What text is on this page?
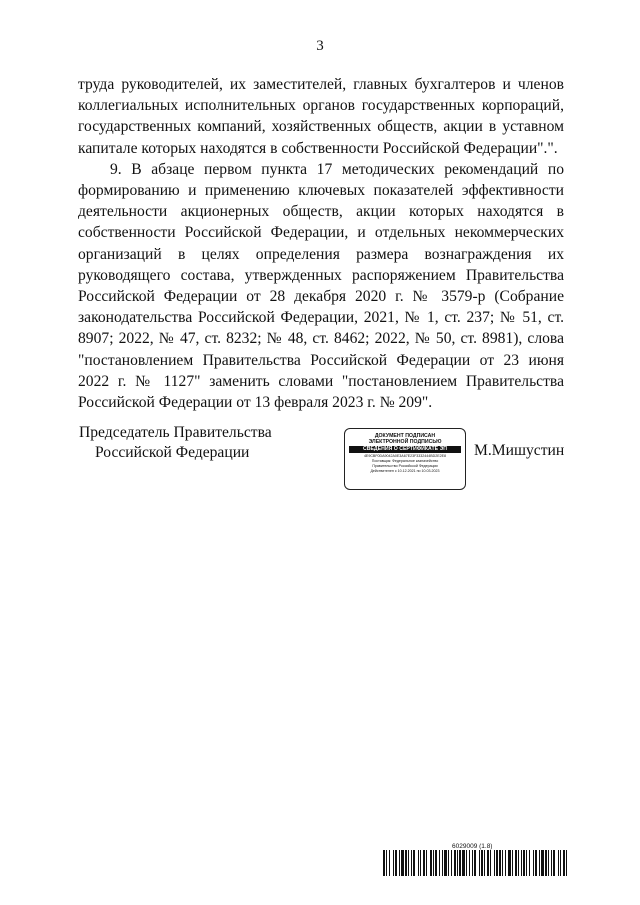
3

труда руководителей, их заместителей, главных бухгалтеров и членов коллегиальных исполнительных органов государственных корпораций, государственных компаний, хозяйственных обществ, акции в уставном капитале которых находятся в собственности Российской Федерации".".

9. В абзаце первом пункта 17 методических рекомендаций по формированию и применению ключевых показателей эффективности деятельности акционерных обществ, акции которых находятся в собственности Российской Федерации, и отдельных некоммерческих организаций в целях определения размера вознаграждения их руководящего состава, утвержденных распоряжением Правительства Российской Федерации от 28 декабря 2020 г. № 3579-р (Собрание законодательства Российской Федерации, 2021, № 1, ст. 237; № 51, ст. 8907; 2022, № 47, ст. 8232; № 48, ст. 8462; 2022, № 50, ст. 8981), слова "постановлением Правительства Российской Федерации от 23 июня 2022 г. № 1127" заменить словами "постановлением Правительства Российской Федерации от 13 февраля 2023 г. № 209".

Председатель Правительства
Российской Федерации
ДОКУМЕНТ ПОДПИСАН
ЭЛЕКТРОННОЙ ПОДПИСЬЮ
СВЕДЕНИЯ О СЕРТИФИКАТЕ ЭП
4E9CBF0DA9042A0E3A67E23F3332444BD2E2E8
Поставщик: Федеральное казначейство
Правительство Российской Федерации
Действителен с 10.12.2021 по 10.03.2023
М.Мишустин
6029009 (1.8)
